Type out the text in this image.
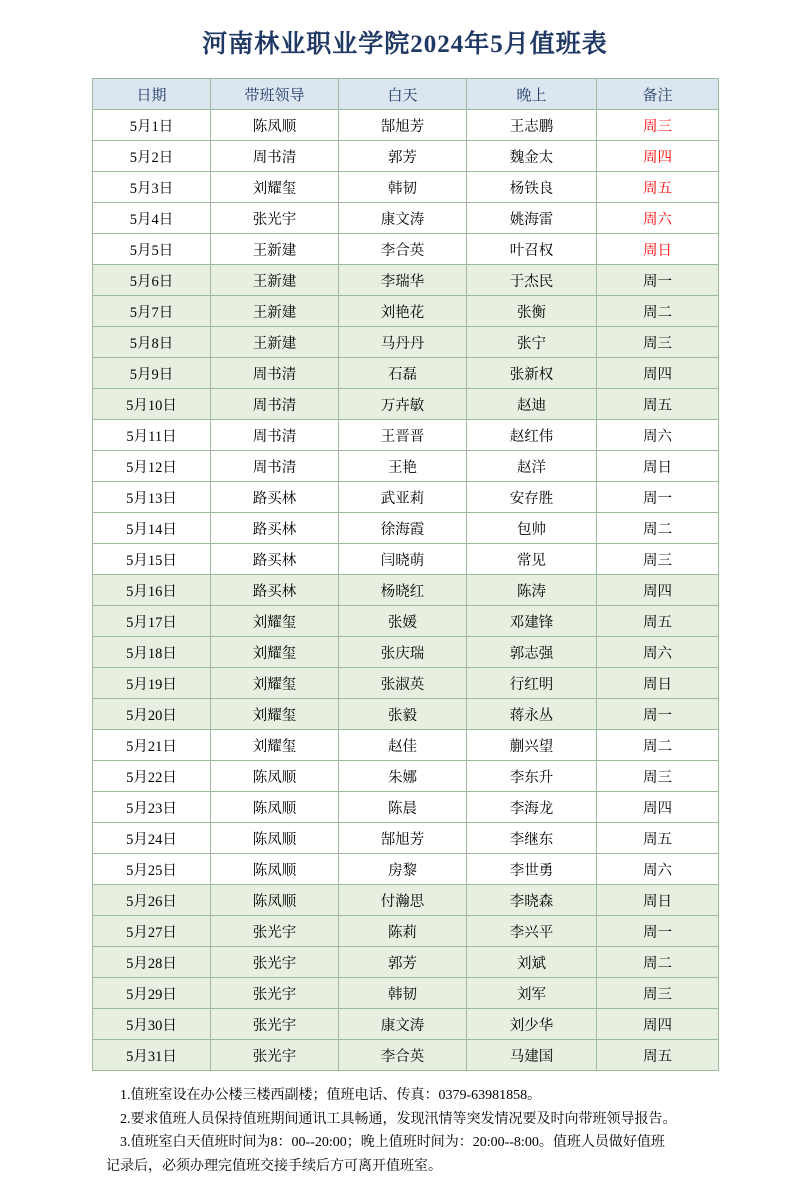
河南林业职业学院2024年5月值班表
日期	带班领导	白天	晚上	备注
5月1日	陈凤顺	郜旭芳	王志鹏	周三
5月2日	周书清	郭芳	魏金太	周四
5月3日	刘耀玺	韩韧	杨铁良	周五
5月4日	张光宇	康文涛	姚海雷	周六
5月5日	王新建	李合英	叶召权	周日
5月6日	王新建	李瑞华	于杰民	周一
5月7日	王新建	刘艳花	张衡	周二
5月8日	王新建	马丹丹	张宁	周三
5月9日	周书清	石磊	张新权	周四
5月10日	周书清	万卉敏	赵迪	周五
5月11日	周书清	王晋晋	赵红伟	周六
5月12日	周书清	王艳	赵洋	周日
5月13日	路买林	武亚莉	安存胜	周一
5月14日	路买林	徐海霞	包帅	周二
5月15日	路买林	闫晓萌	常见	周三
5月16日	路买林	杨晓红	陈涛	周四
5月17日	刘耀玺	张媛	邓建锋	周五
5月18日	刘耀玺	张庆瑞	郭志强	周六
5月19日	刘耀玺	张淑英	行红明	周日
5月20日	刘耀玺	张毅	蒋永丛	周一
5月21日	刘耀玺	赵佳	蒯兴望	周二
5月22日	陈凤顺	朱娜	李东升	周三
5月23日	陈凤顺	陈晨	李海龙	周四
5月24日	陈凤顺	郜旭芳	李继东	周五
5月25日	陈凤顺	房黎	李世勇	周六
5月26日	陈凤顺	付瀚思	李晓森	周日
5月27日	张光宇	陈莉	李兴平	周一
5月28日	张光宇	郭芳	刘斌	周二
5月29日	张光宇	韩韧	刘军	周三
5月30日	张光宇	康文涛	刘少华	周四
5月31日	张光宇	李合英	马建国	周五

1.值班室设在办公楼三楼西副楼；值班电话、传真：0379-63981858。

2.要求值班人员保持值班期间通讯工具畅通，发现汛情等突发情况要及时向带班领导报告。

3.值班室白天值班时间为8：00--20:00；晚上值班时间为：20:00--8:00。值班人员做好值班

记录后，必须办理完值班交接手续后方可离开值班室。
